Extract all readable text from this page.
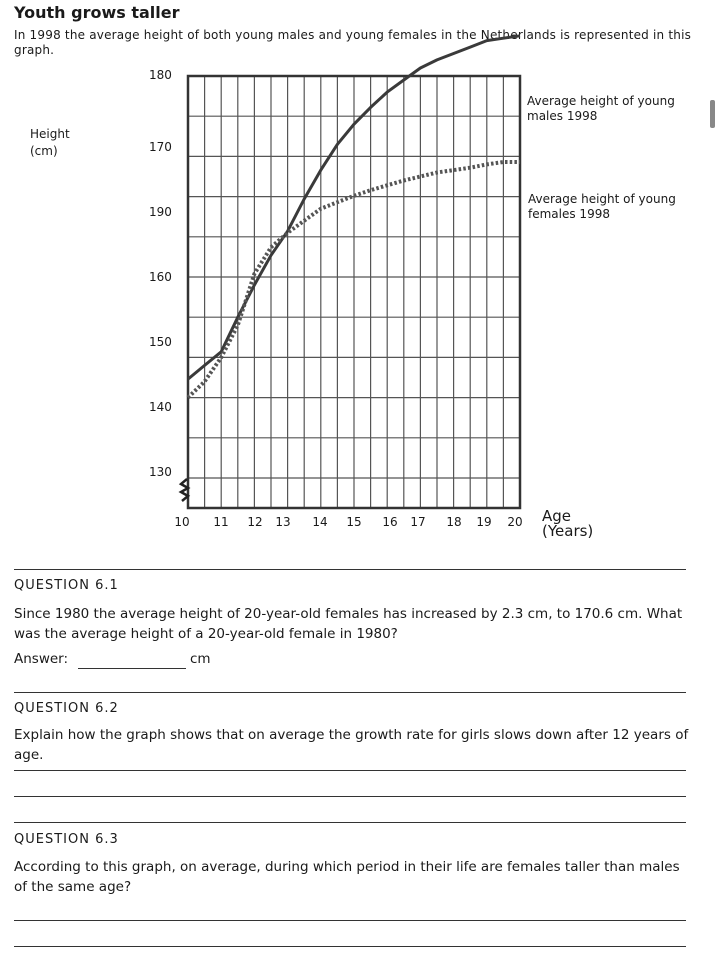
Youth grows taller
In 1998 the average height of both young males and young females in the Netherlands is represented in this graph.
Height
(cm)
180
170
190
160
150
140
130
10 11 12 13 14 15 16 17 18 19 20
Average height of young
males 1998
Average height of young
females 1998
Age
(Years)
QUESTION 6.1
Since 1980 the average height of 20-year-old females has increased by 2.3 cm, to 170.6 cm. What was the average height of a 20-year-old female in 1980?
Answer:	cm
QUESTION 6.2
Explain how the graph shows that on average the growth rate for girls slows down after 12 years of age.
QUESTION 6.3
According to this graph, on average, during which period in their life are females taller than males of the same age?
